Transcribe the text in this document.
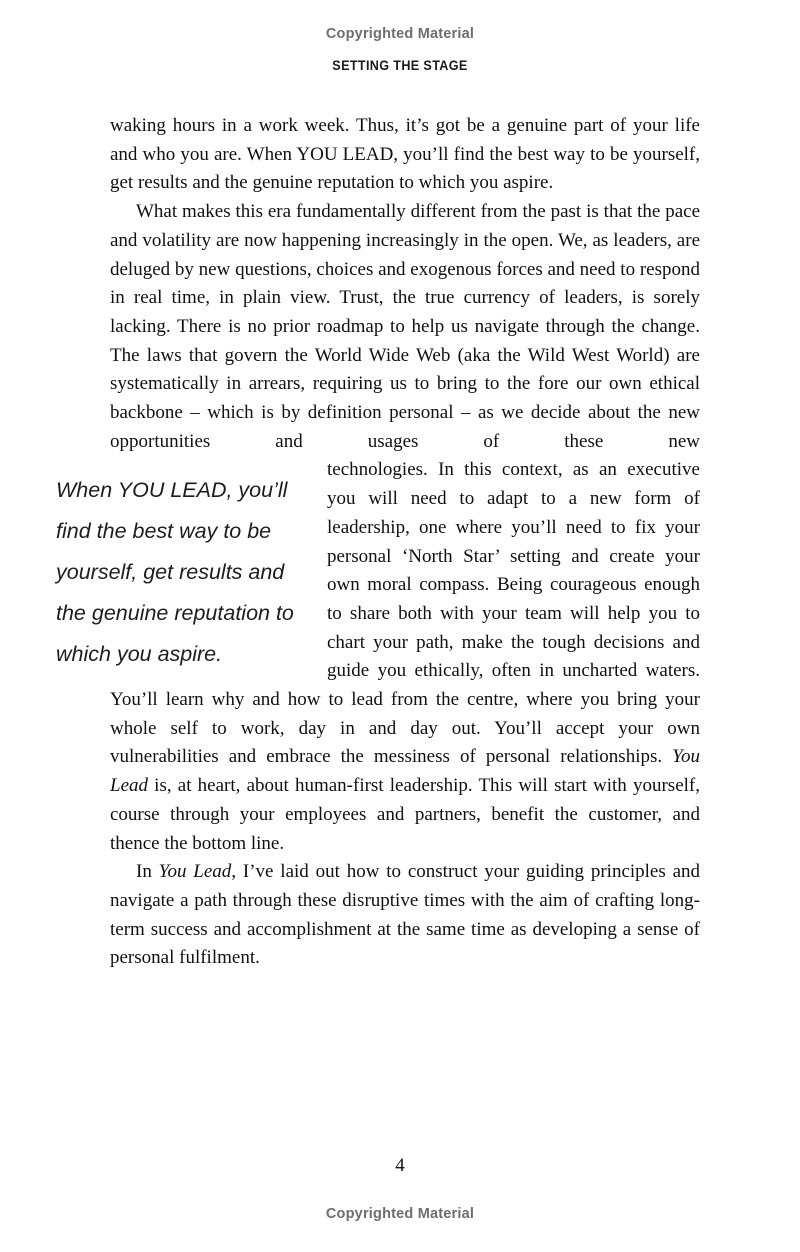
Copyrighted Material
SETTING THE STAGE

waking hours in a work week. Thus, it’s got be a genuine part of your life and who you are. When YOU LEAD, you’ll find the best way to be yourself, get results and the genuine reputation to which you aspire.

What makes this era fundamentally different from the past is that the pace and volatility are now happening increasingly in the open. We, as leaders, are deluged by new questions, choices and exogenous forces and need to respond in real time, in plain view. Trust, the true currency of leaders, is sorely lacking. There is no prior roadmap to help us navigate through the change. The laws that govern the World Wide Web (aka the Wild West World) are systematically in arrears, requiring us to bring to the fore our own ethical backbone – which is by definition personal – as we decide about the new opportunities and usages of these new

When YOU LEAD, you’ll find the best way to be yourself, get results and the genuine reputation to which you aspire.

technologies. In this context, as an executive you will need to adapt to a new form of leadership, one where you’ll need to fix your personal ‘North Star’ setting and create your own moral compass. Being courageous enough to share both with your team will help you to chart your path, make the tough decisions and guide you ethically, often in uncharted waters. You’ll learn why and how to lead from the centre, where you bring your whole self to work, day in and day out. You’ll accept your own vulnerabilities and embrace the messiness of personal relationships. You Lead is, at heart, about human-first leadership. This will start with yourself, course through your employees and partners, benefit the customer, and thence the bottom line.

In You Lead, I’ve laid out how to construct your guiding principles and navigate a path through these disruptive times with the aim of crafting long-term success and accomplishment at the same time as developing a sense of personal fulfilment.

4
Copyrighted Material
